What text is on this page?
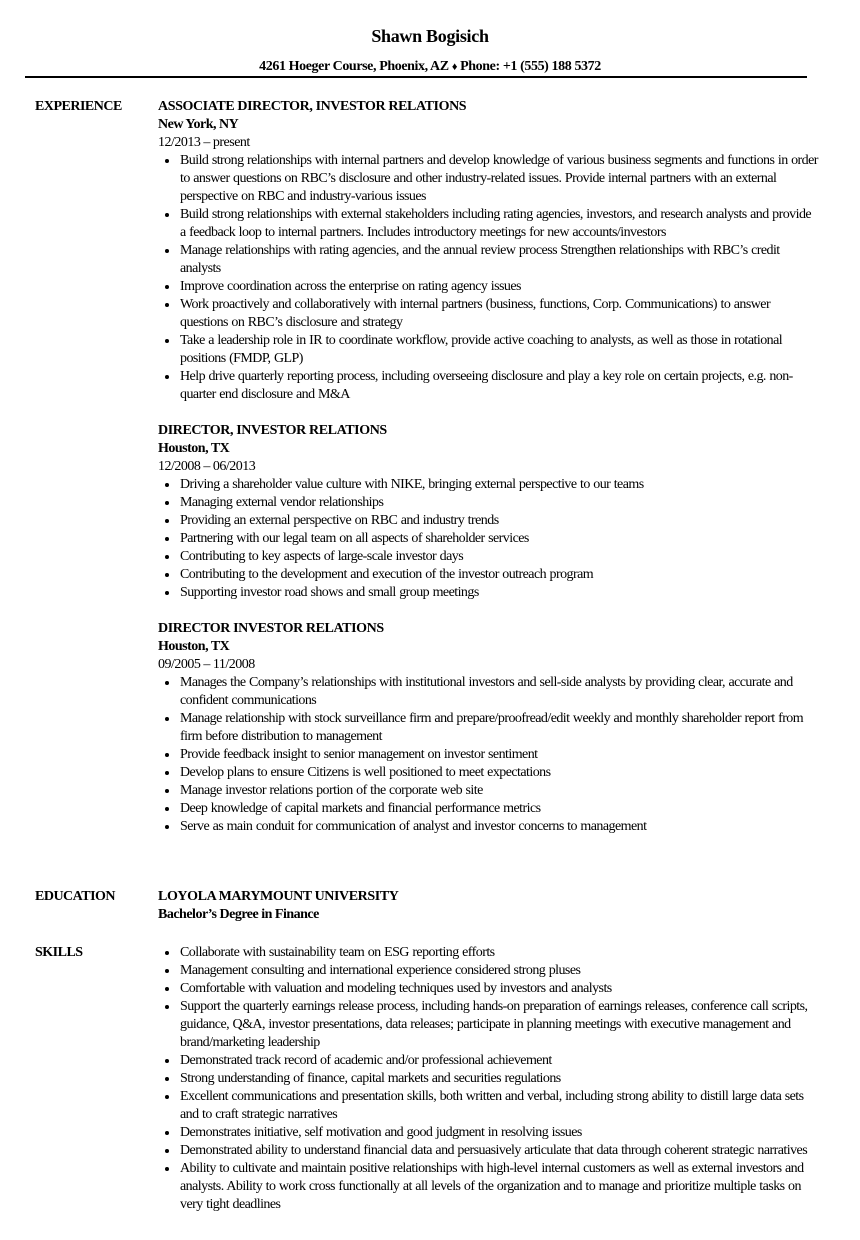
Shawn Bogisich
4261 Hoeger Course, Phoenix, AZ ♦ Phone: +1 (555) 188 5372
EXPERIENCE	ASSOCIATE DIRECTOR, INVESTOR RELATIONS
New York, NY
12/2013 – present
Build strong relationships with internal partners and develop knowledge of various business segments and functions in order to answer questions on RBC’s disclosure and other industry-related issues. Provide internal partners with an external perspective on RBC and industry-various issues
Build strong relationships with external stakeholders including rating agencies, investors, and research analysts and provide a feedback loop to internal partners. Includes introductory meetings for new accounts/investors
Manage relationships with rating agencies, and the annual review process Strengthen relationships with RBC’s credit analysts
Improve coordination across the enterprise on rating agency issues
Work proactively and collaboratively with internal partners (business, functions, Corp. Communications) to answer questions on RBC’s disclosure and strategy
Take a leadership role in IR to coordinate workflow, provide active coaching to analysts, as well as those in rotational positions (FMDP, GLP)
Help drive quarterly reporting process, including overseeing disclosure and play a key role on certain projects, e.g. non-quarter end disclosure and M&A
DIRECTOR, INVESTOR RELATIONS
Houston, TX
12/2008 – 06/2013
Driving a shareholder value culture with NIKE, bringing external perspective to our teams
Managing external vendor relationships
Providing an external perspective on RBC and industry trends
Partnering with our legal team on all aspects of shareholder services
Contributing to key aspects of large-scale investor days
Contributing to the development and execution of the investor outreach program
Supporting investor road shows and small group meetings
DIRECTOR INVESTOR RELATIONS
Houston, TX
09/2005 – 11/2008
Manages the Company’s relationships with institutional investors and sell-side analysts by providing clear, accurate and confident communications
Manage relationship with stock surveillance firm and prepare/proofread/edit weekly and monthly shareholder report from firm before distribution to management
Provide feedback insight to senior management on investor sentiment
Develop plans to ensure Citizens is well positioned to meet expectations
Manage investor relations portion of the corporate web site
Deep knowledge of capital markets and financial performance metrics
Serve as main conduit for communication of analyst and investor concerns to management
EDUCATION	LOYOLA MARYMOUNT UNIVERSITY
Bachelor’s Degree in Finance
SKILLS	Collaborate with sustainability team on ESG reporting efforts
Management consulting and international experience considered strong pluses
Comfortable with valuation and modeling techniques used by investors and analysts
Support the quarterly earnings release process, including hands-on preparation of earnings releases, conference call scripts, guidance, Q&A, investor presentations, data releases; participate in planning meetings with executive management and brand/marketing leadership
Demonstrated track record of academic and/or professional achievement
Strong understanding of finance, capital markets and securities regulations
Excellent communications and presentation skills, both written and verbal, including strong ability to distill large data sets and to craft strategic narratives
Demonstrates initiative, self motivation and good judgment in resolving issues
Demonstrated ability to understand financial data and persuasively articulate that data through coherent strategic narratives
Ability to cultivate and maintain positive relationships with high-level internal customers as well as external investors and analysts. Ability to work cross functionally at all levels of the organization and to manage and prioritize multiple tasks on very tight deadlines
